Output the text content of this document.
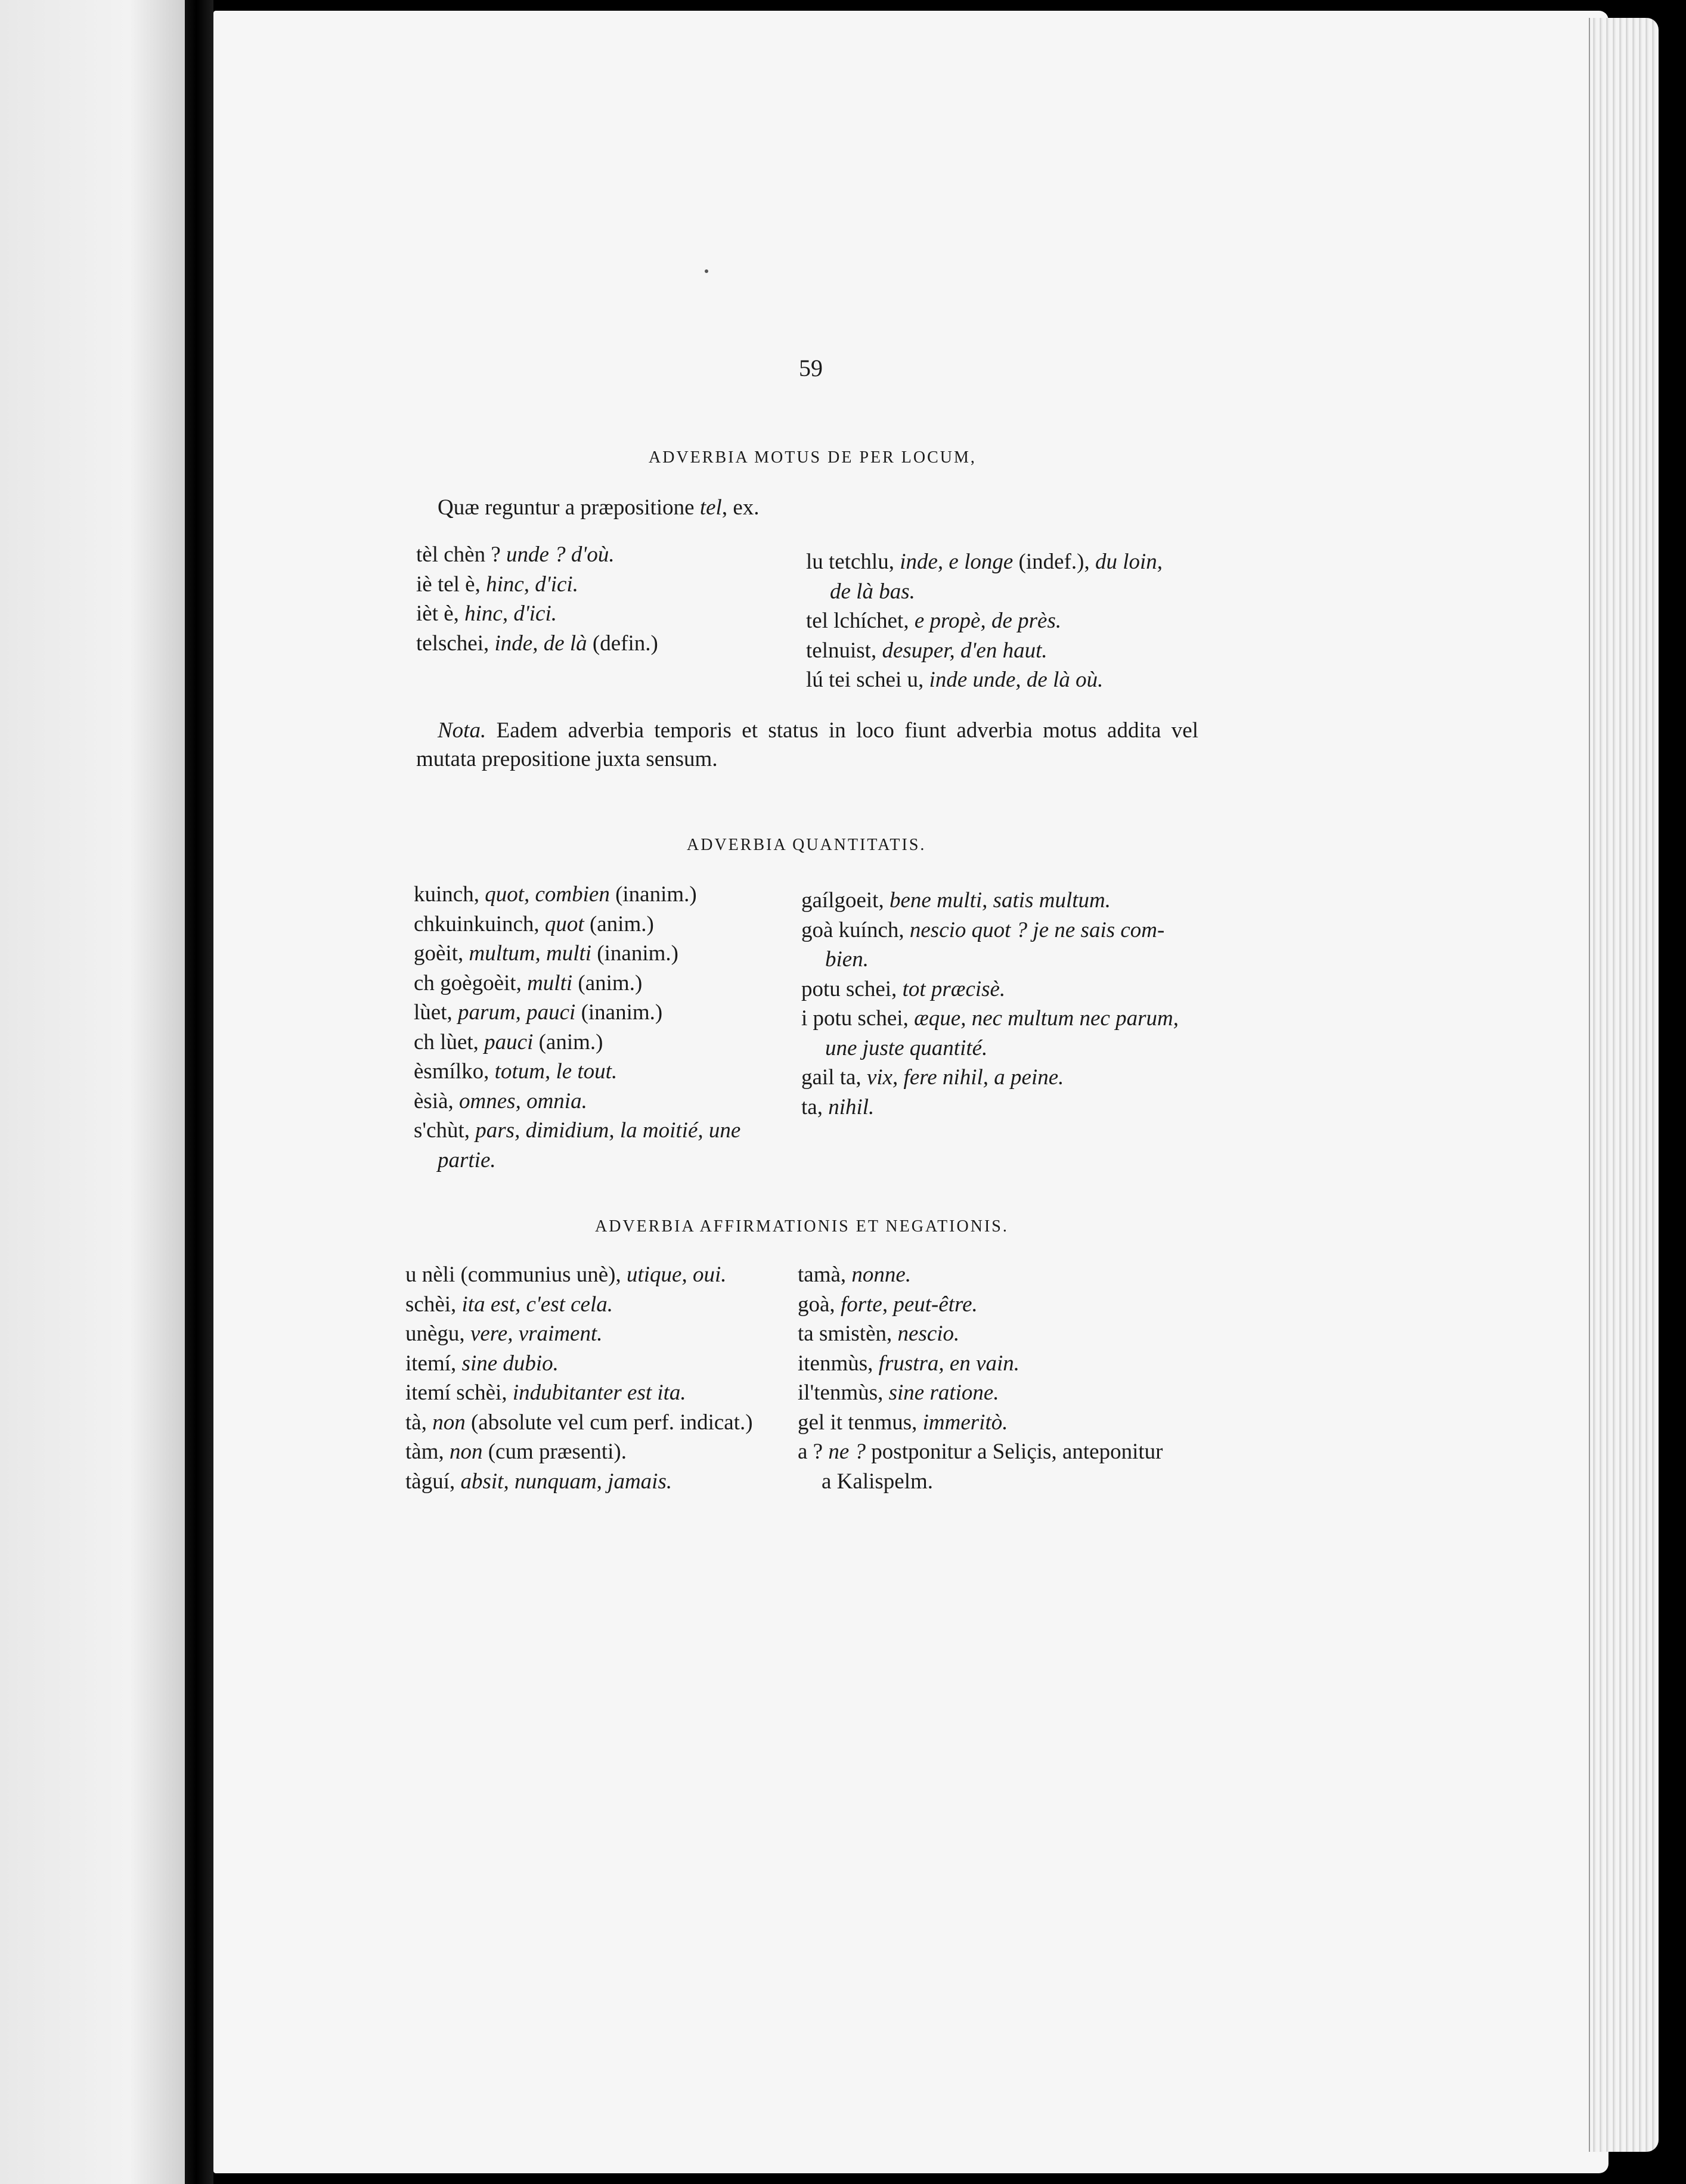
59
ADVERBIA MOTUS DE PER LOCUM,
Quæ reguntur a præpositione tel, ex.
tèl chèn ? unde ? d'où.
iè tel è, hinc, d'ici.
ièt è, hinc, d'ici.
telschei, inde, de là (defin.)
lu tetchlu, inde, e longe (indef.), du loin,
de là bas.
tel lchíchet, e propè, de près.
telnuist, desuper, d'en haut.
lú tei schei u, inde unde, de là où.
Nota. Eadem adverbia temporis et status in loco fiunt adverbia motus addita vel mutata prepositione juxta sensum.
ADVERBIA QUANTITATIS.
kuinch, quot, combien (inanim.)
chkuinkuinch, quot (anim.)
goèit, multum, multi (inanim.)
ch goègoèit, multi (anim.)
lùet, parum, pauci (inanim.)
ch lùet, pauci (anim.)
èsmílko, totum, le tout.
èsià, omnes, omnia.
s'chùt, pars, dimidium, la moitié, une
partie.
gaílgoeit, bene multi, satis multum.
goà kuínch, nescio quot ? je ne sais com-
bien.
potu schei, tot præcisè.
i potu schei, æque, nec multum nec parum,
une juste quantité.
gail ta, vix, fere nihil, a peine.
ta, nihil.
ADVERBIA AFFIRMATIONIS ET NEGATIONIS.
u nèli (communius unè), utique, oui.
schèi, ita est, c'est cela.
unègu, vere, vraiment.
itemí, sine dubio.
itemí schèi, indubitanter est ita.
tà, non (absolute vel cum perf. indicat.)
tàm, non (cum præsenti).
tàguí, absit, nunquam, jamais.
tamà, nonne.
goà, forte, peut-être.
ta smistèn, nescio.
itenmùs, frustra, en vain.
il'tenmùs, sine ratione.
gel it tenmus, immeritò.
a ? ne ? postponitur a Seliçis, anteponitur
a Kalispelm.
